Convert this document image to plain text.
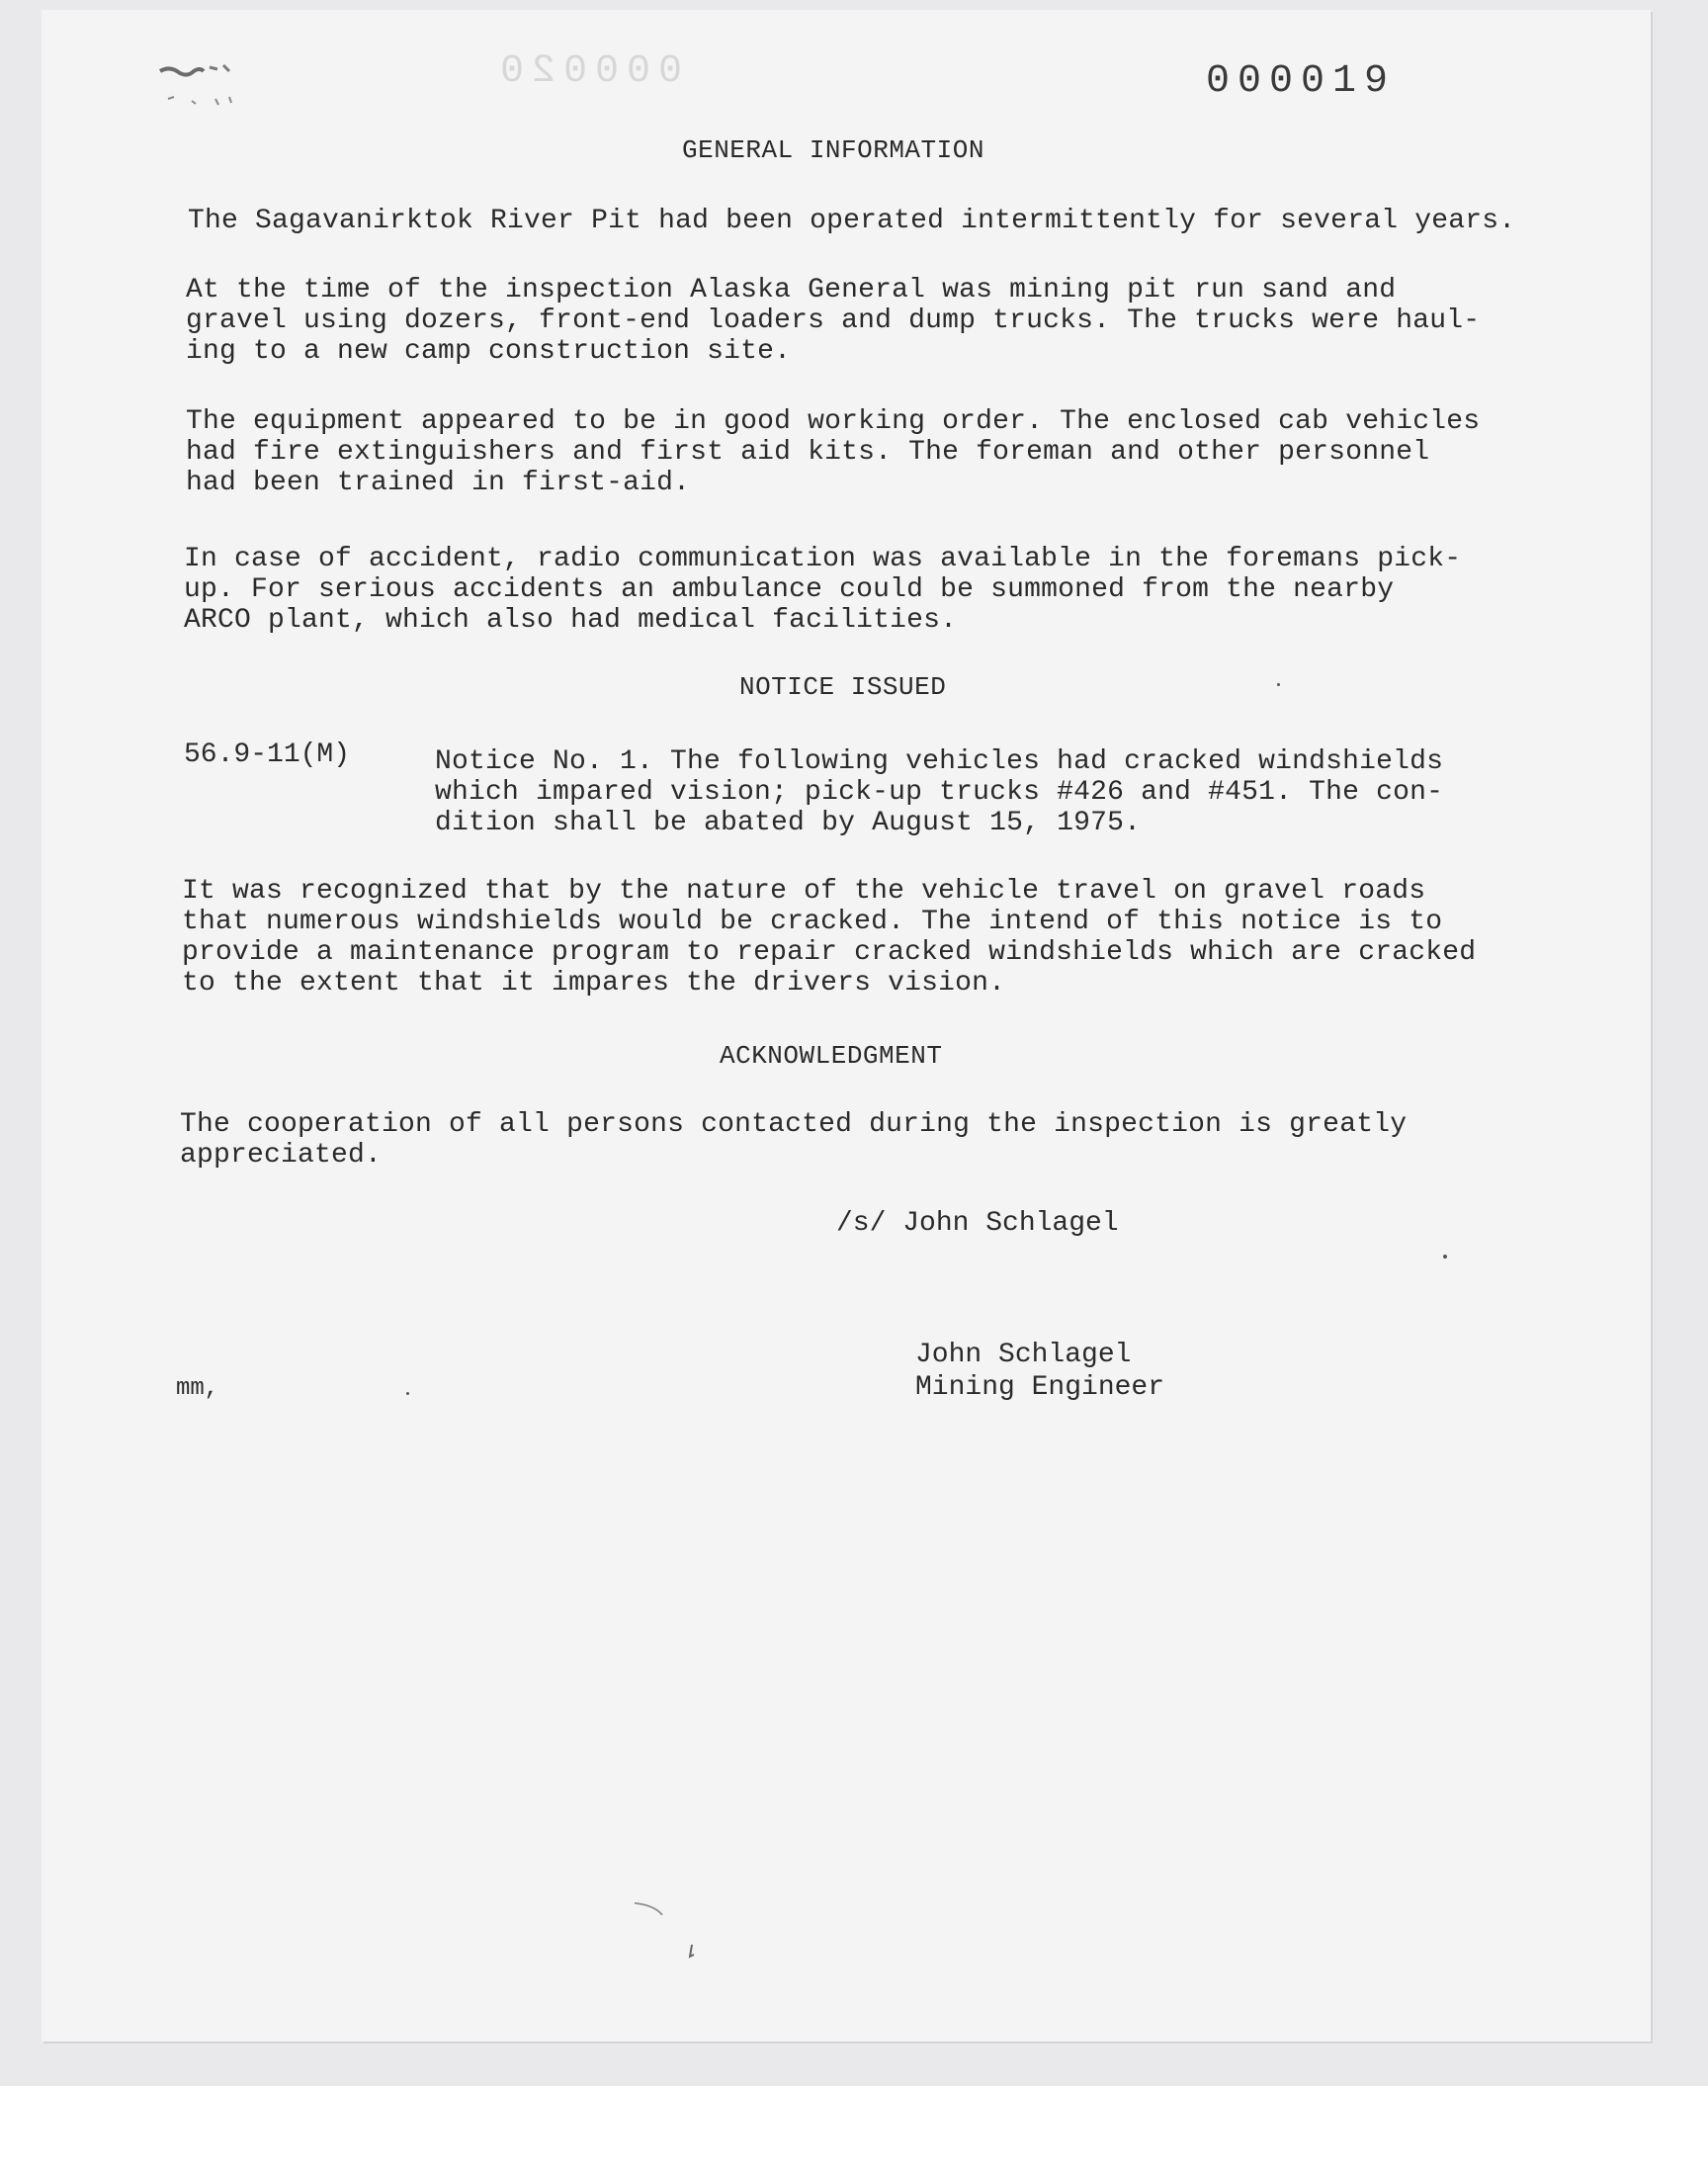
000020	000019
GENERAL INFORMATION
The Sagavanirktok River Pit had been operated intermittently for several years.
At the time of the inspection Alaska General was mining pit run sand and
gravel using dozers, front-end loaders and dump trucks. The trucks were haul-
ing to a new camp construction site.
The equipment appeared to be in good working order. The enclosed cab vehicles
had fire extinguishers and first aid kits. The foreman and other personnel
had been trained in first-aid.
In case of accident, radio communication was available in the foremans pick-
up. For serious accidents an ambulance could be summoned from the nearby
ARCO plant, which also had medical facilities.
NOTICE ISSUED
56.9-11(M)	Notice No. 1. The following vehicles had cracked windshields
which impared vision; pick-up trucks #426 and #451. The con-
dition shall be abated by August 15, 1975.
It was recognized that by the nature of the vehicle travel on gravel roads
that numerous windshields would be cracked. The intend of this notice is to
provide a maintenance program to repair cracked windshields which are cracked
to the extent that it impares the drivers vision.
ACKNOWLEDGMENT
The cooperation of all persons contacted during the inspection is greatly
appreciated.
/s/ John Schlagel
John Schlagel
Mining Engineer
mm,
